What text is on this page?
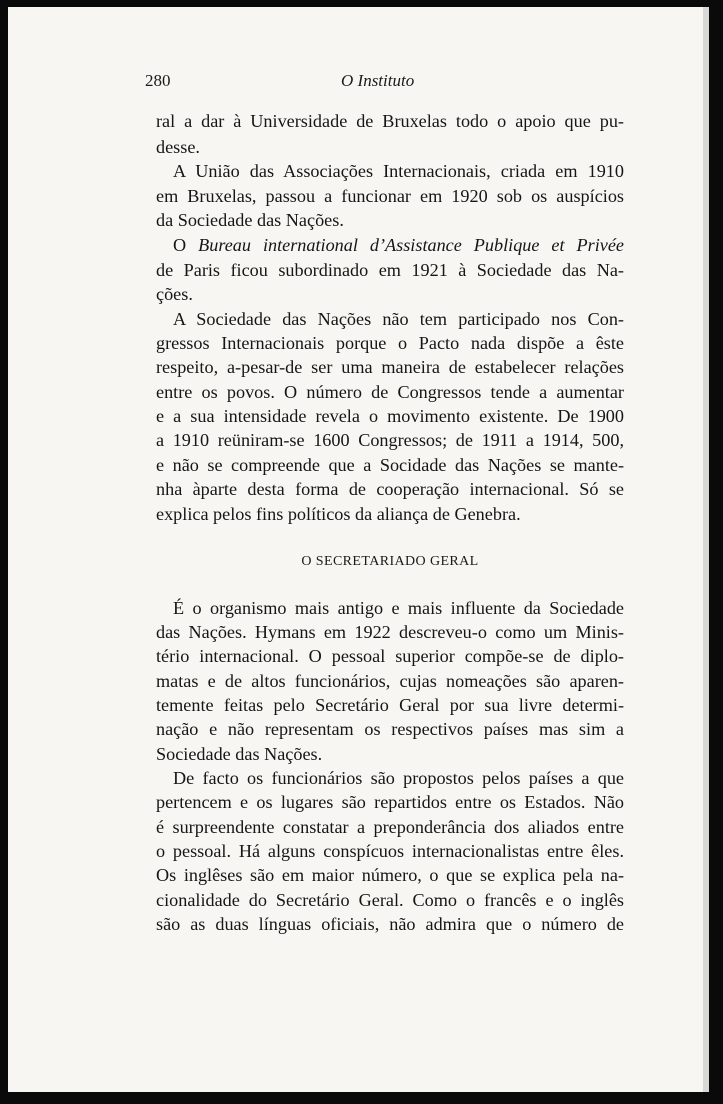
280	O Instituto
ral a dar à Universidade de Bruxelas todo o apoio que pu-
desse.
A União das Associações Internacionais, criada em 1910
em Bruxelas, passou a funcionar em 1920 sob os auspícios
da Sociedade das Nações.
O Bureau international d’Assistance Publique et Privée
de Paris ficou subordinado em 1921 à Sociedade das Na-
ções.
A Sociedade das Nações não tem participado nos Con-
gressos Internacionais porque o Pacto nada dispõe a êste
respeito, a-pesar-de ser uma maneira de estabelecer relações
entre os povos. O número de Congressos tende a aumentar
e a sua intensidade revela o movimento existente. De 1900
a 1910 reüniram-se 1600 Congressos; de 1911 a 1914, 500,
e não se compreende que a Socidade das Nações se mante-
nha àparte desta forma de cooperação internacional. Só se
explica pelos fins políticos da aliança de Genebra.
O SECRETARIADO GERAL
É o organismo mais antigo e mais influente da Sociedade
das Nações. Hymans em 1922 descreveu-o como um Minis-
tério internacional. O pessoal superior compõe-se de diplo-
matas e de altos funcionários, cujas nomeações são aparen-
temente feitas pelo Secretário Geral por sua livre determi-
nação e não representam os respectivos países mas sim a
Sociedade das Nações.
De facto os funcionários são propostos pelos países a que
pertencem e os lugares são repartidos entre os Estados. Não
é surpreendente constatar a preponderância dos aliados entre
o pessoal. Há alguns conspícuos internacionalistas entre êles.
Os inglêses são em maior número, o que se explica pela na-
cionalidade do Secretário Geral. Como o francês e o inglês
são as duas línguas oficiais, não admira que o número de
